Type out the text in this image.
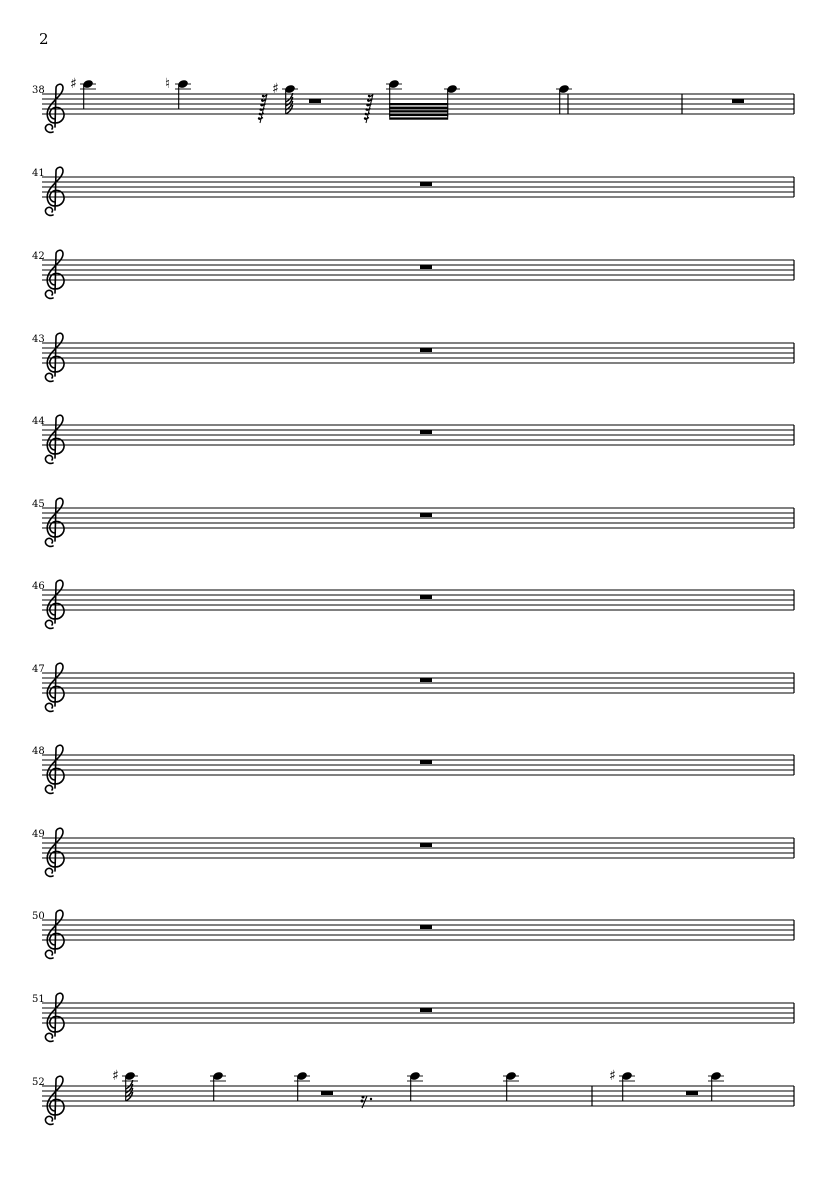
2
38 ♯	♮	♯
41
42
43
44
45
46
47
48
49
50
51
52	♯	♯
